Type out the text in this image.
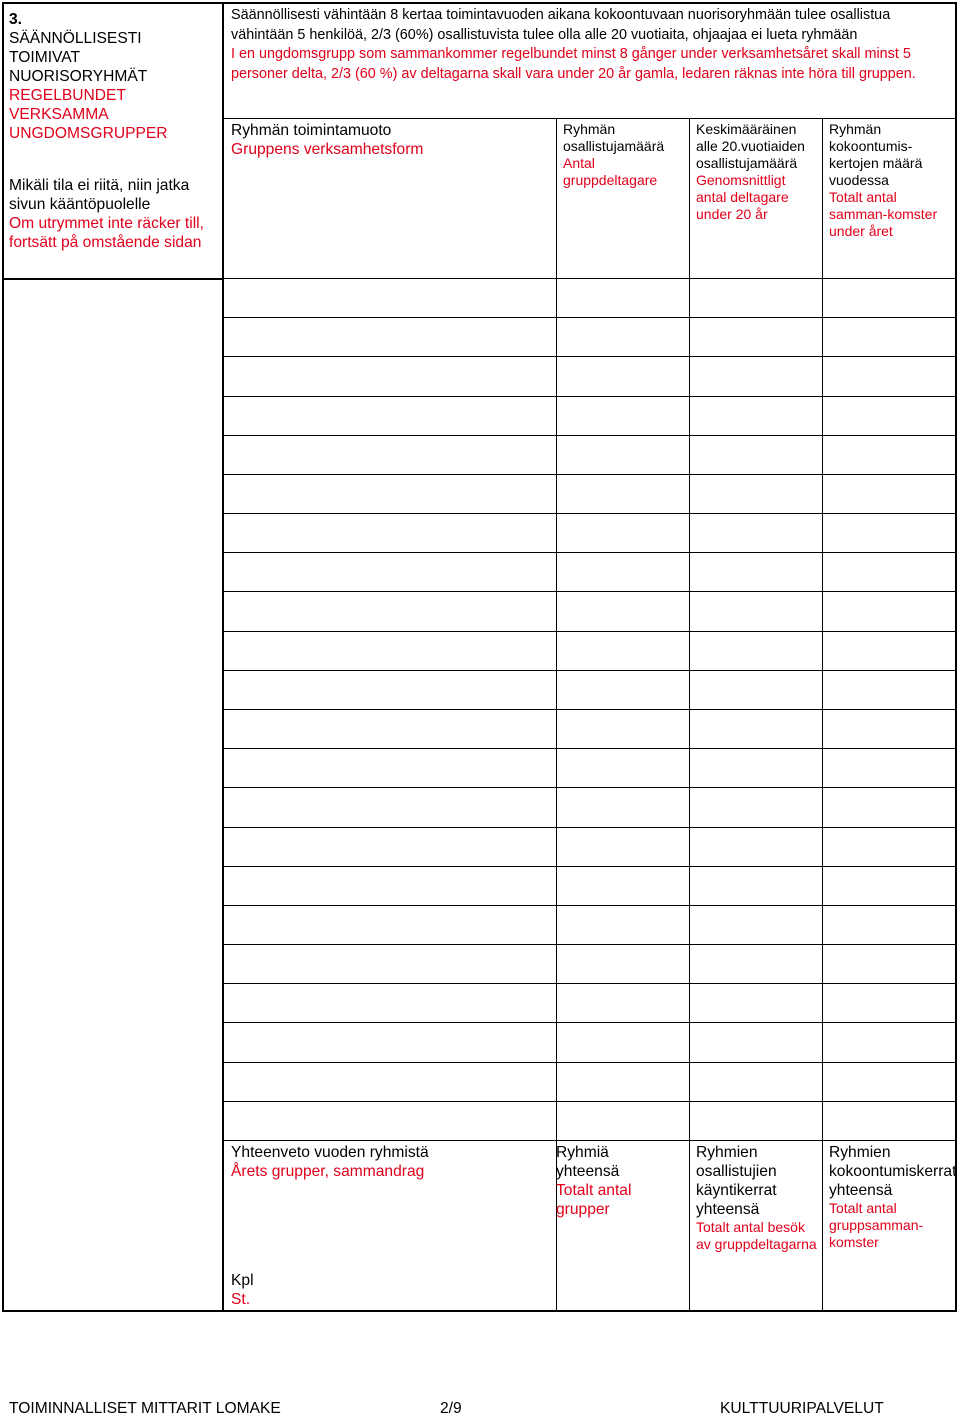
3.
SÄÄNNÖLLISESTI TOIMIVAT NUORISORYHMÄT
REGELBUNDET VERKSAMMA UNGDOMSGRUPPER
Mikäli tila ei riitä, niin jatka sivun kääntöpuolelle
Om utrymmet inte räcker till, fortsätt på omstående sidan

Säännöllisesti vähintään 8 kertaa toimintavuoden aikana kokoontuvaan nuorisoryhmään tulee osallistua vähintään 5 henkilöä, 2/3 (60%) osallistuvista tulee olla alle 20 vuotiaita, ohjaajaa ei lueta ryhmään

I en ungdomsgrupp som sammankommer regelbundet minst 8 gånger under verksamhetsåret skall minst 5 personer delta, 2/3 (60 %) av deltagarna skall vara under 20 år gamla, ledaren räknas inte höra till gruppen.

Ryhmän toimintamuoto
Gruppens verksamhetsform
Ryhmän osallistujamäärä
Antal gruppdeltagare
Keskimääräinen alle 20.vuotiaiden osallistujamäärä
Genomsnittligt antal deltagare under 20 år
Ryhmän kokoontumis-kertojen määrä vuodessa
Totalt antal samman-komster under året
Yhteenveto vuoden ryhmistä
Årets grupper, sammandrag
Kpl
St.
Ryhmiä yhteensä
Totalt antal grupper
Ryhmien osallistujien käyntikerrat yhteensä
Totalt antal besök av gruppdeltagarna
Ryhmien kokoontumiskerrat yhteensä
Totalt antal gruppsamman-komster
TOIMINNALLISET MITTARIT LOMAKE	2/9	KULTTUURIPALVELUT
